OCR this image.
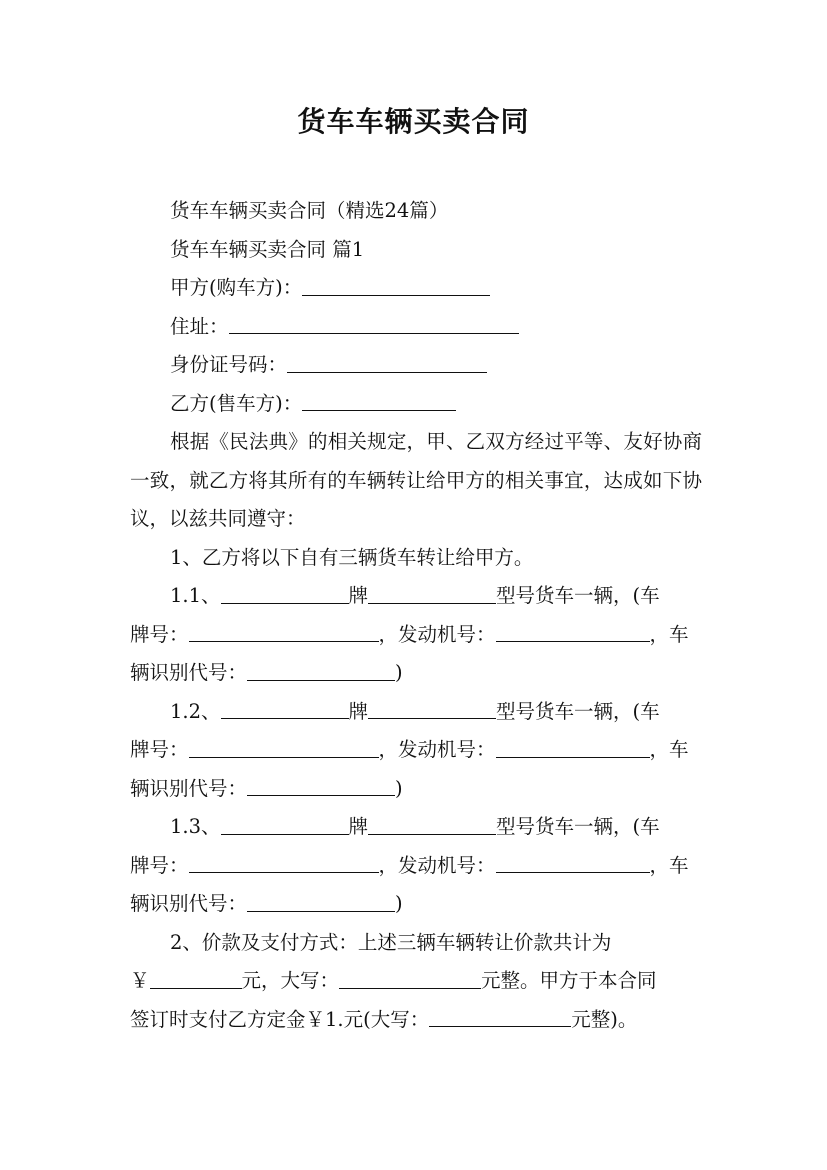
货车车辆买卖合同

货车车辆买卖合同（精选24篇）

货车车辆买卖合同 篇1

甲方(购车方)：

住址：

身份证号码：

乙方(售车方)：

根据《民法典》的相关规定，甲、乙双方经过平等、友好协商一致，就乙方将其所有的车辆转让给甲方的相关事宜，达成如下协议，以兹共同遵守：

1、乙方将以下自有三辆货车转让给甲方。

1.1、	牌	型号货车一辆，(车
牌号：	，发动机号：	，车
辆识别代号：	)

1.2、	牌	型号货车一辆，(车
牌号：	，发动机号：	，车
辆识别代号：	)

1.3、	牌	型号货车一辆，(车
牌号：	，发动机号：	，车
辆识别代号：	)

2、价款及支付方式：上述三辆车辆转让价款共计为
￥	元，大写：	元整。甲方于本合同
签订时支付乙方定金￥1.元(大写：	元整)。
